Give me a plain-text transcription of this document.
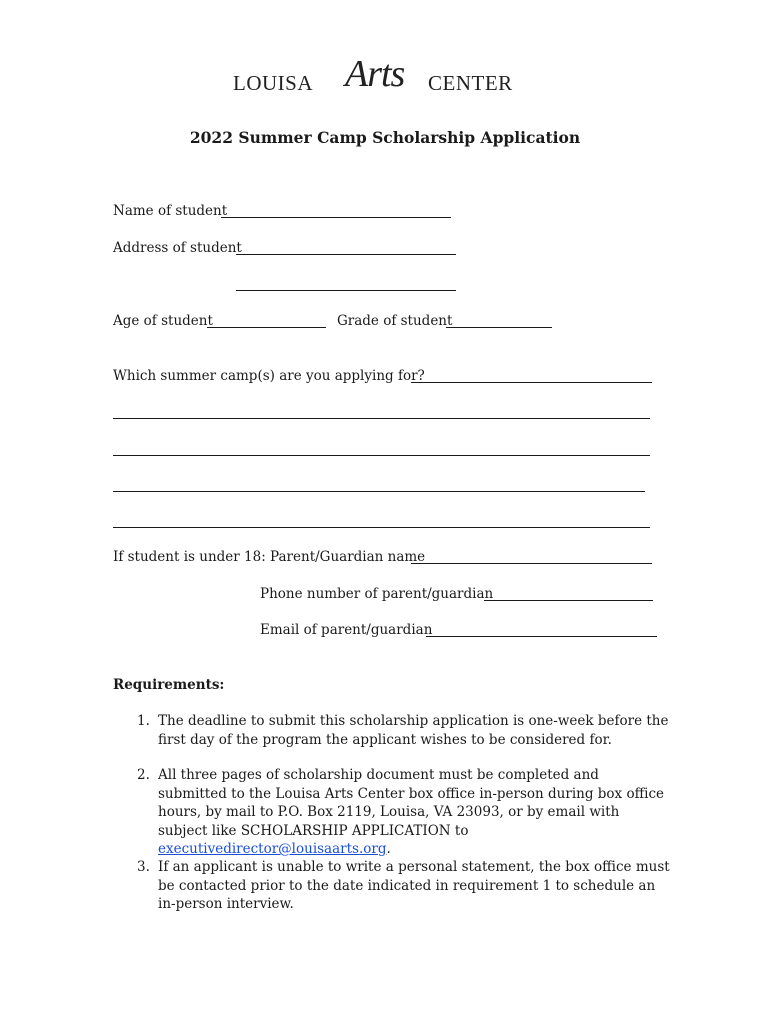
LOUISA Arts CENTER
2022 Summer Camp Scholarship Application
Name of student
Address of student
Age of student	Grade of student
Which summer camp(s) are you applying for?
If student is under 18: Parent/Guardian name
Phone number of parent/guardian
Email of parent/guardian
Requirements:
1. The deadline to submit this scholarship application is one-week before the first day of the program the applicant wishes to be considered for.
2. All three pages of scholarship document must be completed and submitted to the Louisa Arts Center box office in-person during box office hours, by mail to P.O. Box 2119, Louisa, VA 23093, or by email with subject like SCHOLARSHIP APPLICATION to executivedirector@louisaarts.org.
3. If an applicant is unable to write a personal statement, the box office must be contacted prior to the date indicated in requirement 1 to schedule an in-person interview.
